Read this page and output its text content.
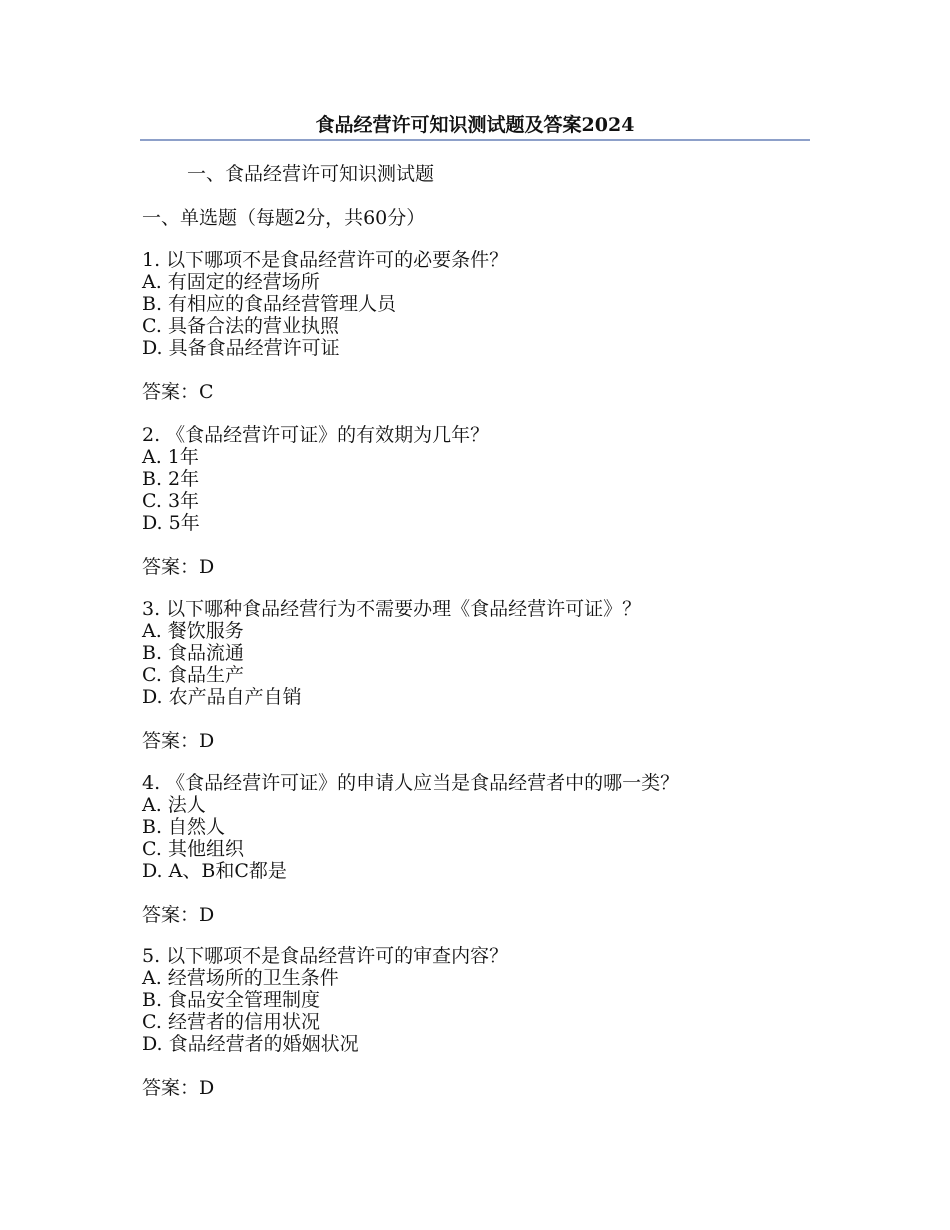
食品经营许可知识测试题及答案2024
一、食品经营许可知识测试题
一、单选题（每题2分，共60分）
1. 以下哪项不是食品经营许可的必要条件？
A. 有固定的经营场所
B. 有相应的食品经营管理人员
C. 具备合法的营业执照
D. 具备食品经营许可证
答案：C
2. 《食品经营许可证》的有效期为几年？
A. 1年
B. 2年
C. 3年
D. 5年
答案：D
3. 以下哪种食品经营行为不需要办理《食品经营许可证》？
A. 餐饮服务
B. 食品流通
C. 食品生产
D. 农产品自产自销
答案：D
4. 《食品经营许可证》的申请人应当是食品经营者中的哪一类？
A. 法人
B. 自然人
C. 其他组织
D. A、B和C都是
答案：D
5. 以下哪项不是食品经营许可的审查内容？
A. 经营场所的卫生条件
B. 食品安全管理制度
C. 经营者的信用状况
D. 食品经营者的婚姻状况
答案：D
